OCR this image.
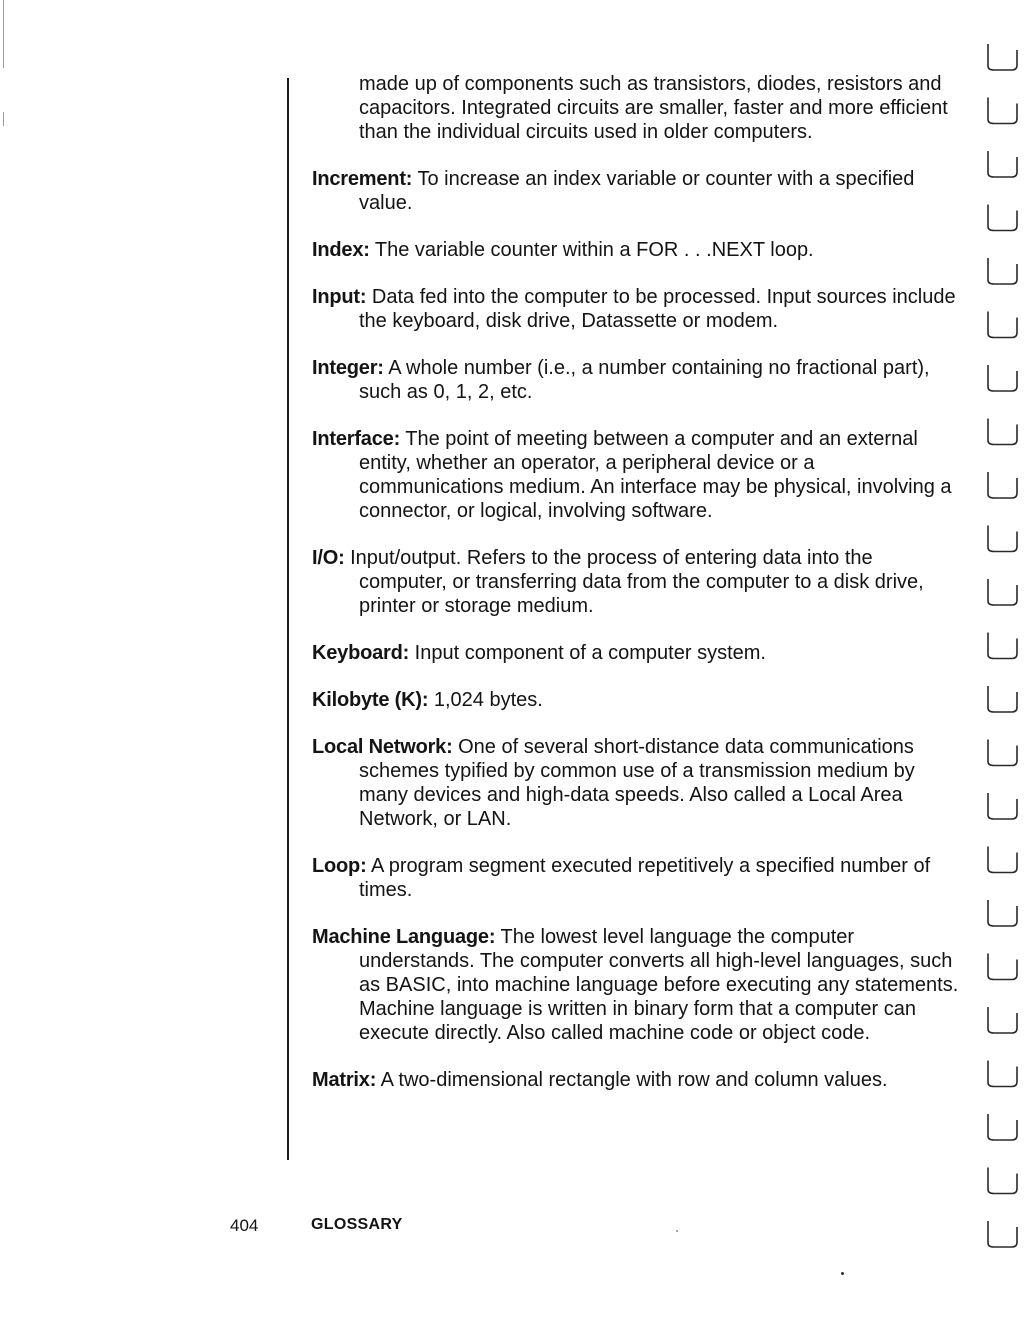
made up of components such as transistors, diodes, resistors and capacitors. Integrated circuits are smaller, faster and more efficient than the individual circuits used in older computers.

Increment: To increase an index variable or counter with a specified value.

Index: The variable counter within a FOR . . .NEXT loop.

Input: Data fed into the computer to be processed. Input sources include the keyboard, disk drive, Datassette or modem.

Integer: A whole number (i.e., a number containing no fractional part), such as 0, 1, 2, etc.

Interface: The point of meeting between a computer and an external entity, whether an operator, a peripheral device or a communications medium. An interface may be physical, involving a connector, or logical, involving software.

I/O: Input/output. Refers to the process of entering data into the computer, or transferring data from the computer to a disk drive, printer or storage medium.

Keyboard: Input component of a computer system.

Kilobyte (K): 1,024 bytes.

Local Network: One of several short-distance data communications schemes typified by common use of a transmission medium by many devices and high-data speeds. Also called a Local Area Network, or LAN.

Loop: A program segment executed repetitively a specified number of times.

Machine Language: The lowest level language the computer understands. The computer converts all high-level languages, such as BASIC, into machine language before executing any statements. Machine language is written in binary form that a computer can execute directly. Also called machine code or object code.

Matrix: A two-dimensional rectangle with row and column values.

404	GLOSSARY
